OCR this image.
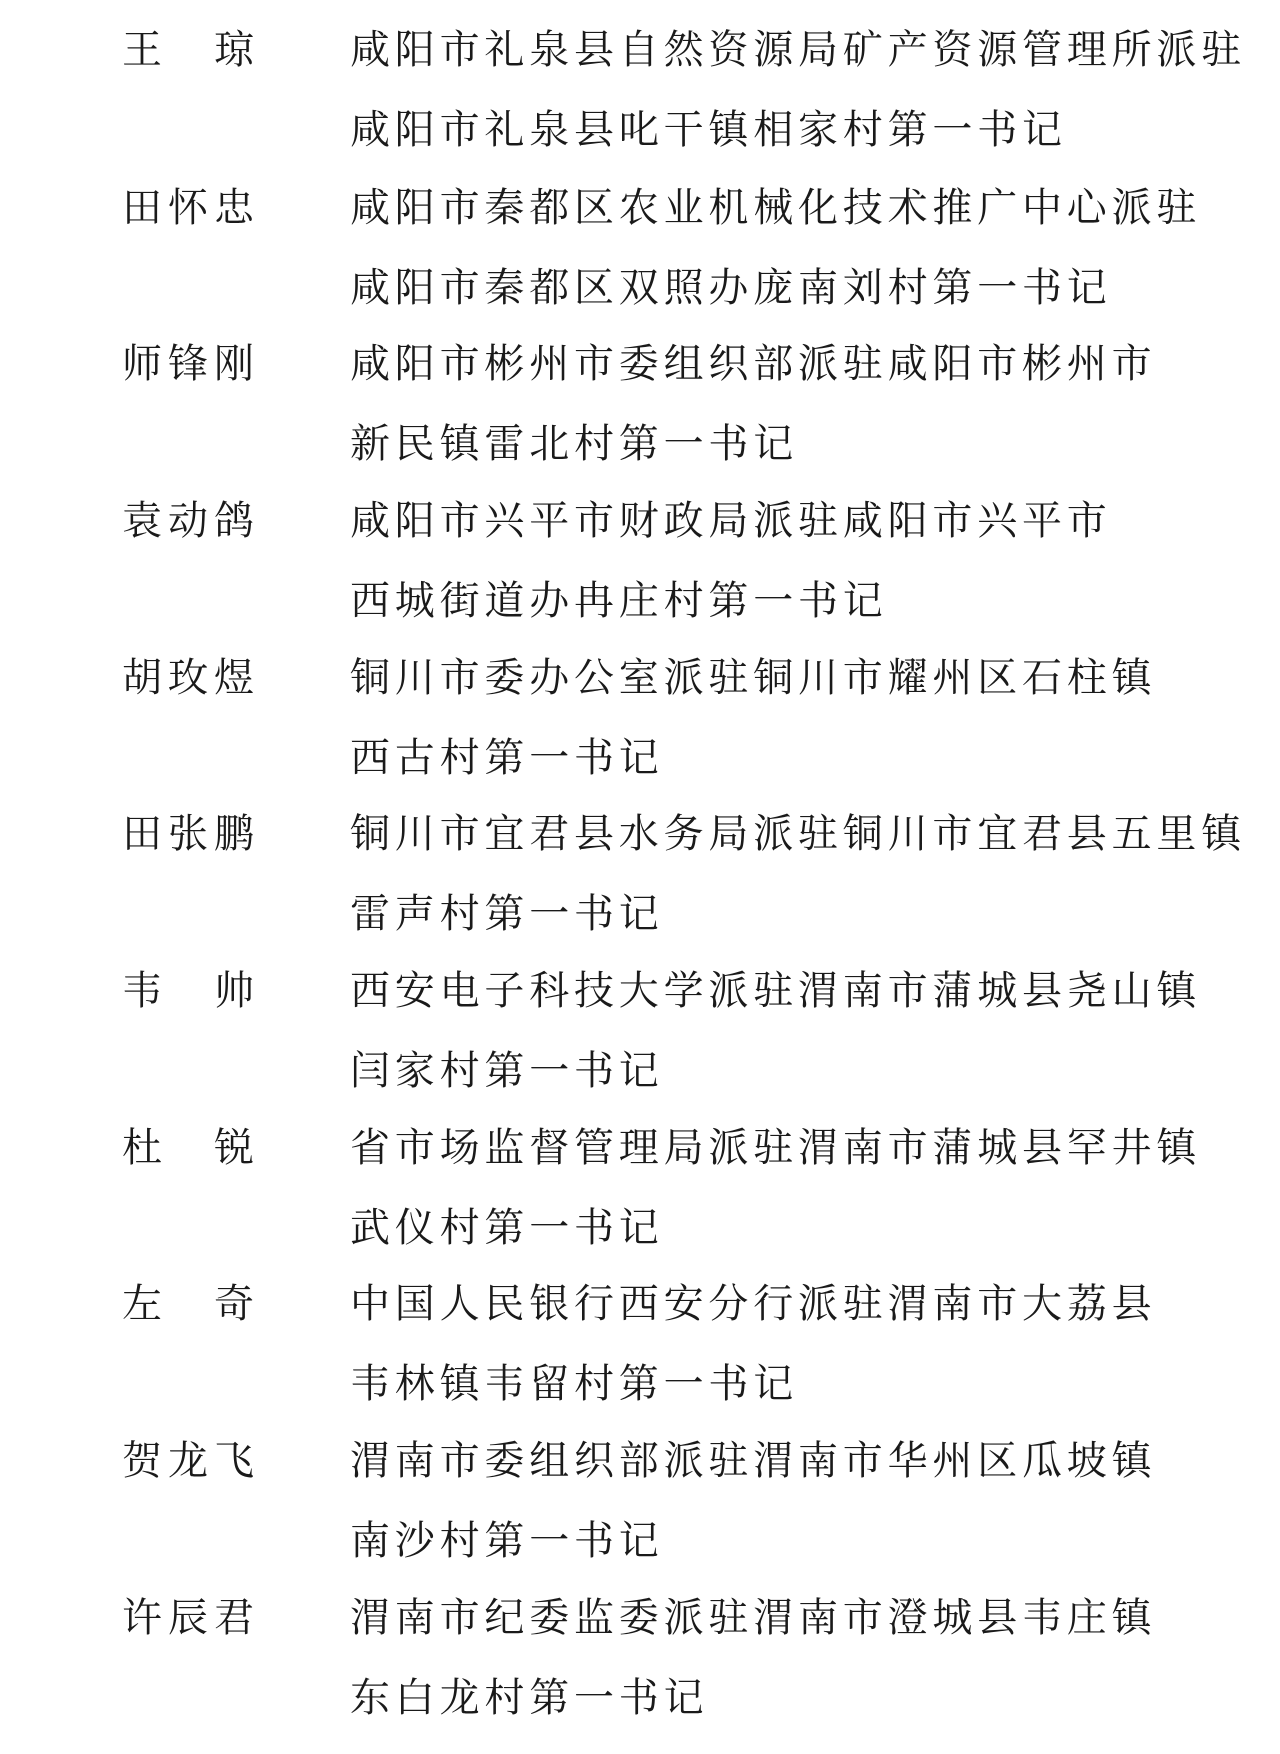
王　琼 咸阳市礼泉县自然资源局矿产资源管理所派驻
咸阳市礼泉县叱干镇相家村第一书记
田怀忠 咸阳市秦都区农业机械化技术推广中心派驻
咸阳市秦都区双照办庞南刘村第一书记
师锋刚 咸阳市彬州市委组织部派驻咸阳市彬州市
新民镇雷北村第一书记
袁动鸽 咸阳市兴平市财政局派驻咸阳市兴平市
西城街道办冉庄村第一书记
胡玫煜 铜川市委办公室派驻铜川市耀州区石柱镇
西古村第一书记
田张鹏 铜川市宜君县水务局派驻铜川市宜君县五里镇
雷声村第一书记
韦　帅 西安电子科技大学派驻渭南市蒲城县尧山镇
闫家村第一书记
杜　锐 省市场监督管理局派驻渭南市蒲城县罕井镇
武仪村第一书记
左　奇 中国人民银行西安分行派驻渭南市大荔县
韦林镇韦留村第一书记
贺龙飞 渭南市委组织部派驻渭南市华州区瓜坡镇
南沙村第一书记
许辰君 渭南市纪委监委派驻渭南市澄城县韦庄镇
东白龙村第一书记
